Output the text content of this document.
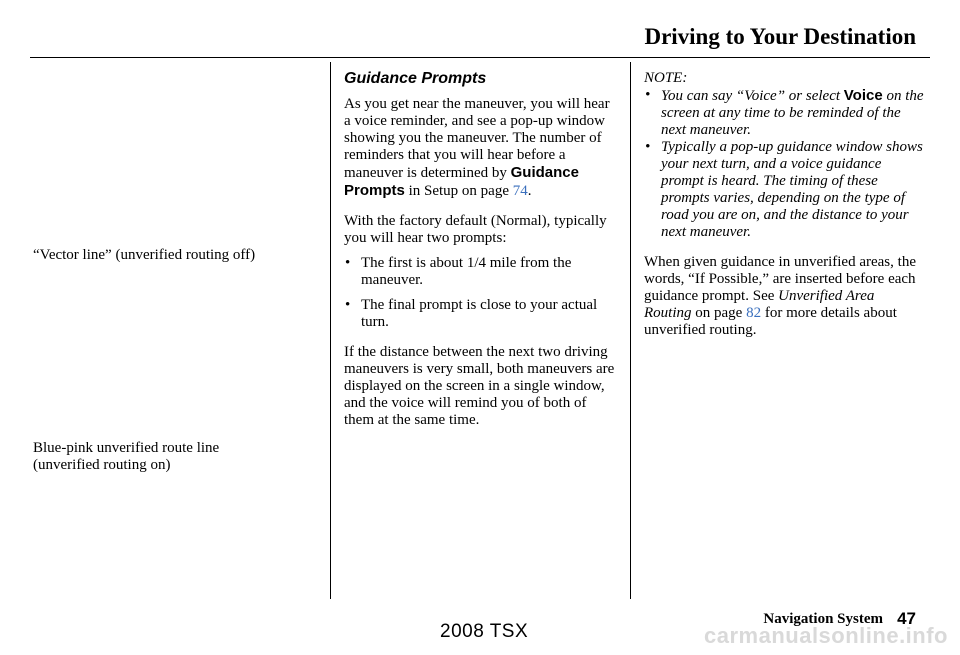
Driving to Your Destination
“Vector line” (unverified routing off)
Blue-pink unverified route line
(unverified routing on)
Guidance Prompts

As you get near the maneuver, you will hear a voice reminder, and see a pop-up window showing you the maneuver. The number of reminders that you will hear before a maneuver is determined by Guidance Prompts in Setup on page 74.

With the factory default (Normal), typically you will hear two prompts:

• The first is about 1/4 mile from the maneuver.
• The final prompt is close to your actual turn.

If the distance between the next two driving maneuvers is very small, both maneuvers are displayed on the screen in a single window, and the voice will remind you of both of them at the same time.

NOTE:
• You can say “Voice” or select Voice on the screen at any time to be reminded of the next maneuver.
• Typically a pop-up guidance window shows your next turn, and a voice guidance prompt is heard. The timing of these prompts varies, depending on the type of road you are on, and the distance to your next maneuver.

When given guidance in unverified areas, the words, “If Possible,” are inserted before each guidance prompt. See Unverified Area Routing on page 82 for more details about unverified routing.

Navigation System 47
2008 TSX	carmanualsonline.info
